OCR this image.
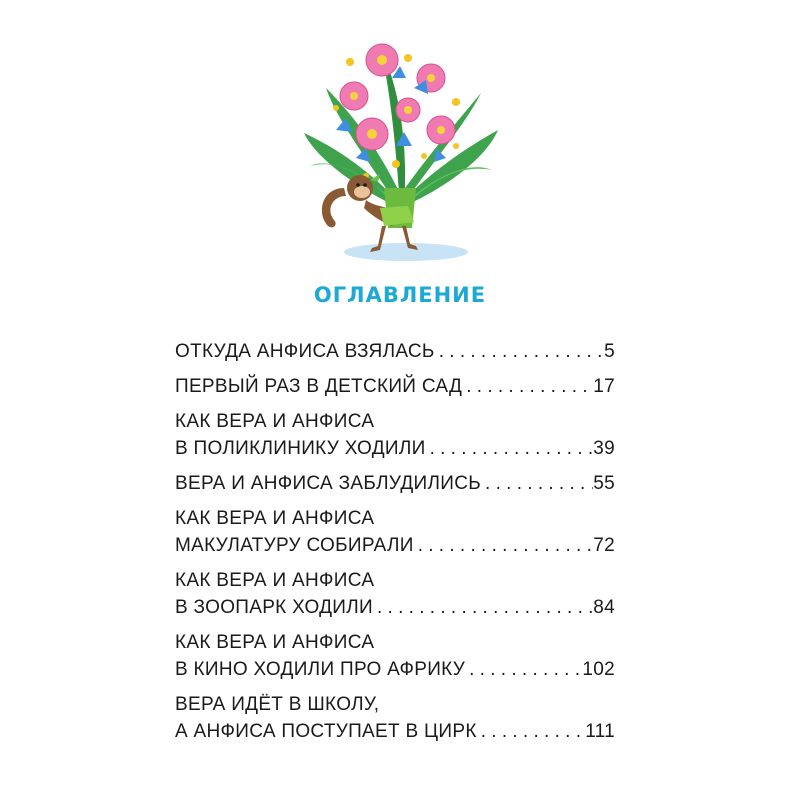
ОГЛАВЛЕНИЕ
ОТКУДА АНФИСА ВЗЯЛАСЬ . . .	5
ПЕРВЫЙ РАЗ В ДЕТСКИЙ САД . . .	17
КАК ВЕРА И АНФИСА
В ПОЛИКЛИНИКУ ХОДИЛИ . . .	39
ВЕРА И АНФИСА ЗАБЛУДИЛИСЬ . . .	55
КАК ВЕРА И АНФИСА
МАКУЛАТУРУ СОБИРАЛИ . . .	72
КАК ВЕРА И АНФИСА
В ЗООПАРК ХОДИЛИ . . .	84
КАК ВЕРА И АНФИСА
В КИНО ХОДИЛИ ПРО АФРИКУ . . .	102
ВЕРА ИДЁТ В ШКОЛУ,
А АНФИСА ПОСТУПАЕТ В ЦИРК . . .	111
